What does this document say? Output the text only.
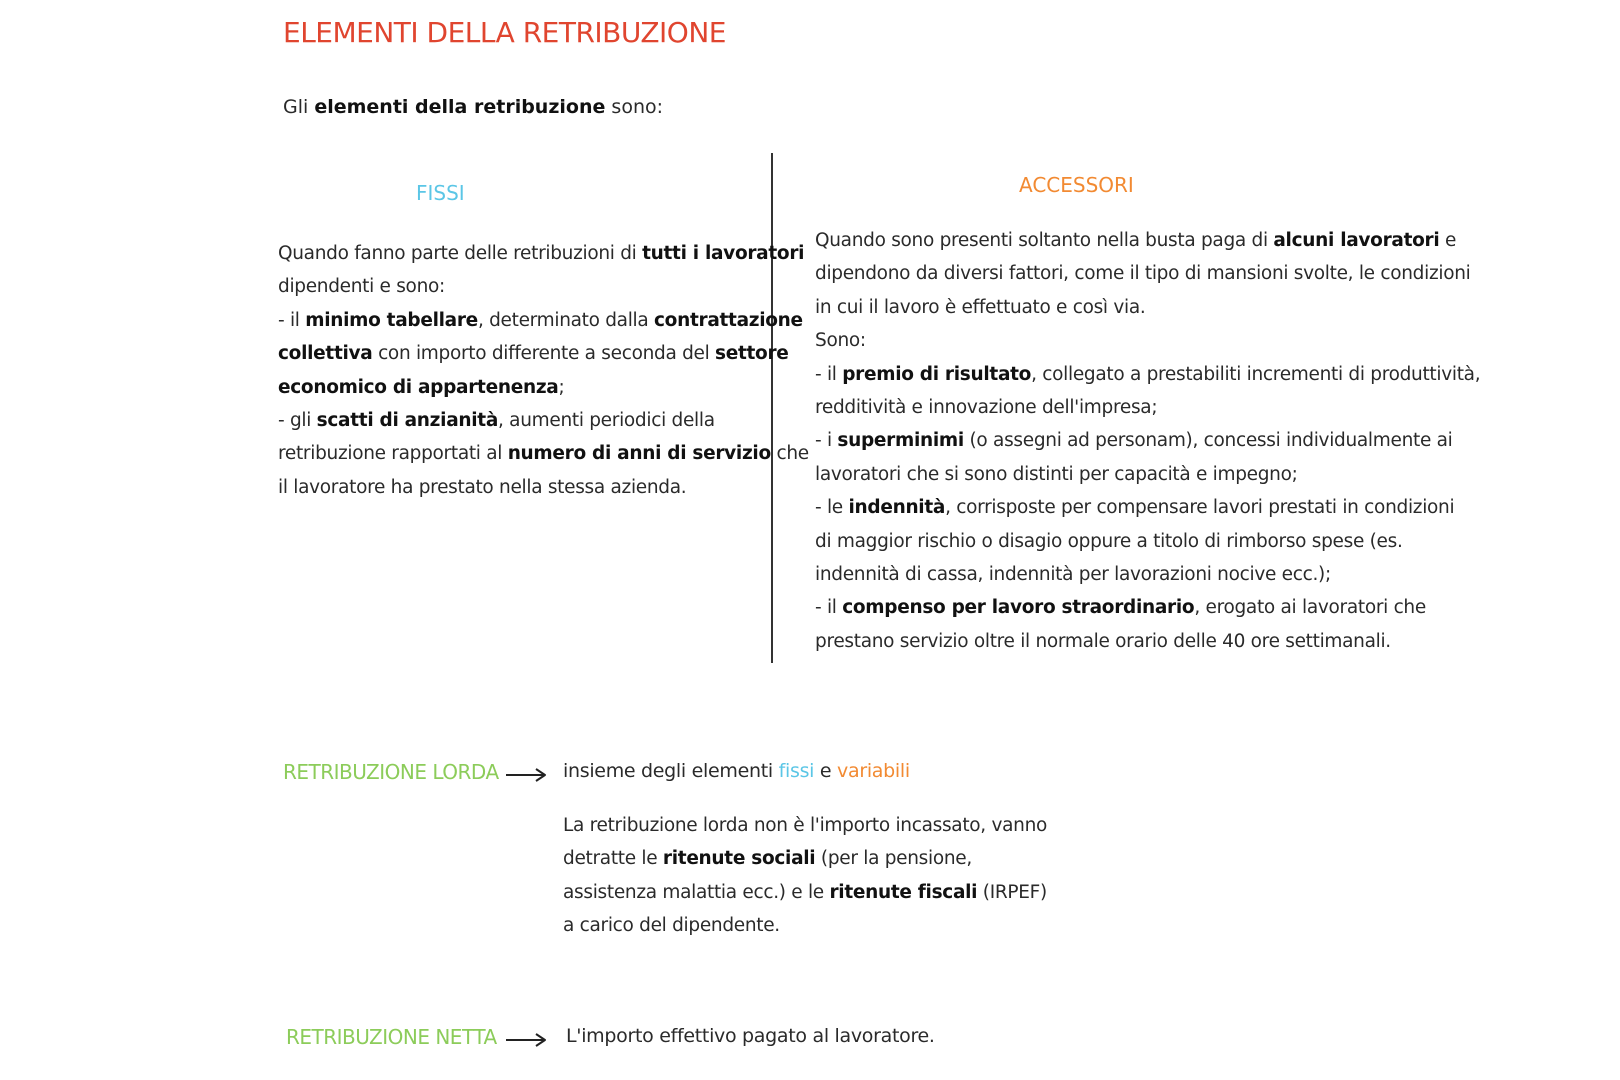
ELEMENTI DELLA RETRIBUZIONE
Gli elementi della retribuzione sono:
FISSI	ACCESSORI
Quando fanno parte delle retribuzioni di tutti i lavoratori
dipendenti e sono:
- il minimo tabellare, determinato dalla contrattazione
collettiva con importo differente a seconda del settore
economico di appartenenza;
- gli scatti di anzianità, aumenti periodici della
retribuzione rapportati al numero di anni di servizio che
il lavoratore ha prestato nella stessa azienda.
Quando sono presenti soltanto nella busta paga di alcuni lavoratori e
dipendono da diversi fattori, come il tipo di mansioni svolte, le condizioni
in cui il lavoro è effettuato e così via.
Sono:
- il premio di risultato, collegato a prestabiliti incrementi di produttività,
redditività e innovazione dell'impresa;
- i superminimi (o assegni ad personam), concessi individualmente ai
lavoratori che si sono distinti per capacità e impegno;
- le indennità, corrisposte per compensare lavori prestati in condizioni
di maggior rischio o disagio oppure a titolo di rimborso spese (es.
indennità di cassa, indennità per lavorazioni nocive ecc.);
- il compenso per lavoro straordinario, erogato ai lavoratori che
prestano servizio oltre il normale orario delle 40 ore settimanali.
RETRIBUZIONE LORDA	insieme degli elementi fissi e variabili
La retribuzione lorda non è l'importo incassato, vanno
detratte le ritenute sociali (per la pensione,
assistenza malattia ecc.) e le ritenute fiscali (IRPEF)
a carico del dipendente.
RETRIBUZIONE NETTA	L'importo effettivo pagato al lavoratore.
